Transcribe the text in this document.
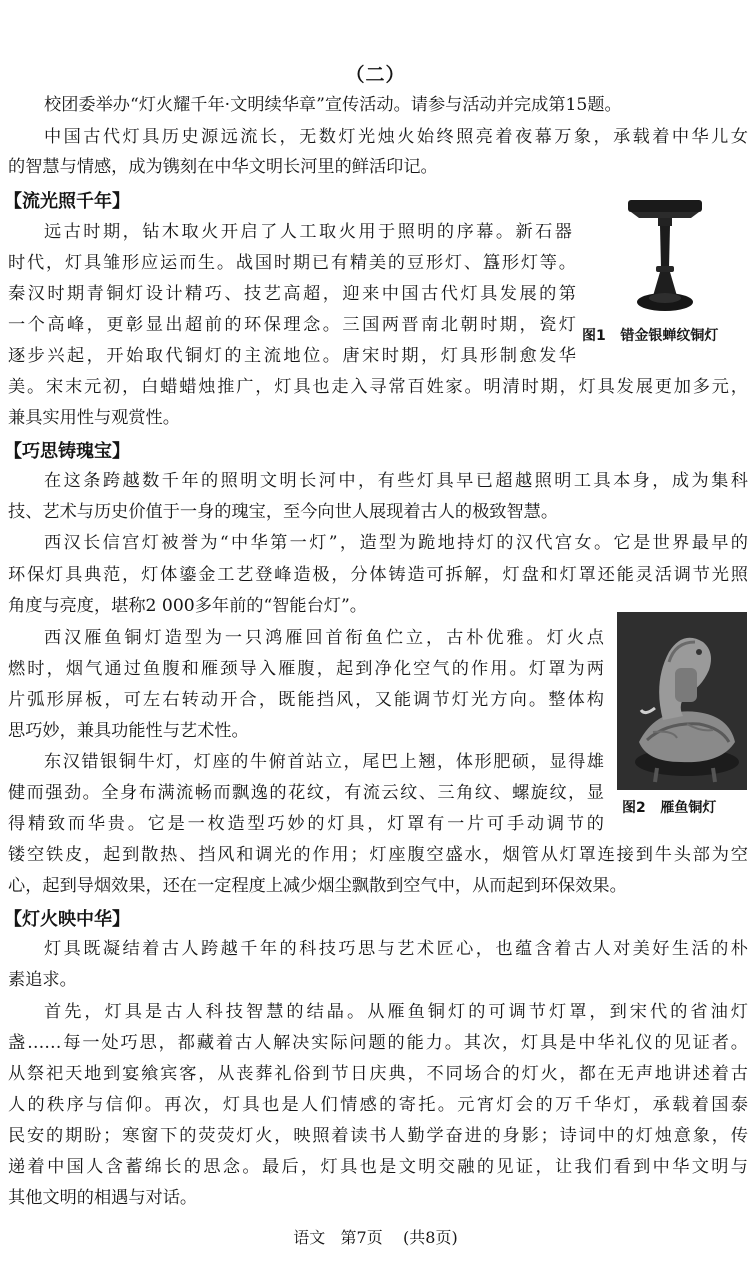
（二）
校团委举办“灯火耀千年·文明续华章”宣传活动。请参与活动并完成第15题。
中国古代灯具历史源远流长，无数灯光烛火始终照亮着夜幕万象，承载着中华儿女
的智慧与情感，成为镌刻在中华文明长河里的鲜活印记。
【流光照千年】
远古时期，钻木取火开启了人工取火用于照明的序幕。新石器
时代，灯具雏形应运而生。战国时期已有精美的豆形灯、簋形灯等。
秦汉时期青铜灯设计精巧、技艺高超，迎来中国古代灯具发展的第
一个高峰，更彰显出超前的环保理念。三国两晋南北朝时期，瓷灯
逐步兴起，开始取代铜灯的主流地位。唐宋时期，灯具形制愈发华
美。宋末元初，白蜡蜡烛推广，灯具也走入寻常百姓家。明清时期，灯具发展更加多元，
兼具实用性与观赏性。
图1 错金银蝉纹铜灯
【巧思铸瑰宝】
在这条跨越数千年的照明文明长河中，有些灯具早已超越照明工具本身，成为集科
技、艺术与历史价值于一身的瑰宝，至今向世人展现着古人的极致智慧。
西汉长信宫灯被誉为“中华第一灯”，造型为跪地持灯的汉代宫女。它是世界最早的
环保灯具典范，灯体鎏金工艺登峰造极，分体铸造可拆解，灯盘和灯罩还能灵活调节光照
角度与亮度，堪称2 000多年前的“智能台灯”。
西汉雁鱼铜灯造型为一只鸿雁回首衔鱼伫立，古朴优雅。灯火点
燃时，烟气通过鱼腹和雁颈导入雁腹，起到净化空气的作用。灯罩为两
片弧形屏板，可左右转动开合，既能挡风，又能调节灯光方向。整体构
思巧妙，兼具功能性与艺术性。
东汉错银铜牛灯，灯座的牛俯首站立，尾巴上翘，体形肥硕，显得雄
健而强劲。全身布满流畅而飘逸的花纹，有流云纹、三角纹、螺旋纹，显
得精致而华贵。它是一枚造型巧妙的灯具，灯罩有一片可手动调节的
镂空铁皮，起到散热、挡风和调光的作用；灯座腹空盛水，烟管从灯罩连接到牛头部为空
心，起到导烟效果，还在一定程度上减少烟尘飘散到空气中，从而起到环保效果。
图2 雁鱼铜灯
【灯火映中华】
灯具既凝结着古人跨越千年的科技巧思与艺术匠心，也蕴含着古人对美好生活的朴
素追求。
首先，灯具是古人科技智慧的结晶。从雁鱼铜灯的可调节灯罩，到宋代的省油灯
盏……每一处巧思，都藏着古人解决实际问题的能力。其次，灯具是中华礼仪的见证者。
从祭祀天地到宴飨宾客，从丧葬礼俗到节日庆典，不同场合的灯火，都在无声地讲述着古
人的秩序与信仰。再次，灯具也是人们情感的寄托。元宵灯会的万千华灯，承载着国泰
民安的期盼；寒窗下的荧荧灯火，映照着读书人勤学奋进的身影；诗词中的灯烛意象，传
递着中国人含蓄绵长的思念。最后，灯具也是文明交融的见证，让我们看到中华文明与
其他文明的相遇与对话。
语文   第7页    (共8页)
